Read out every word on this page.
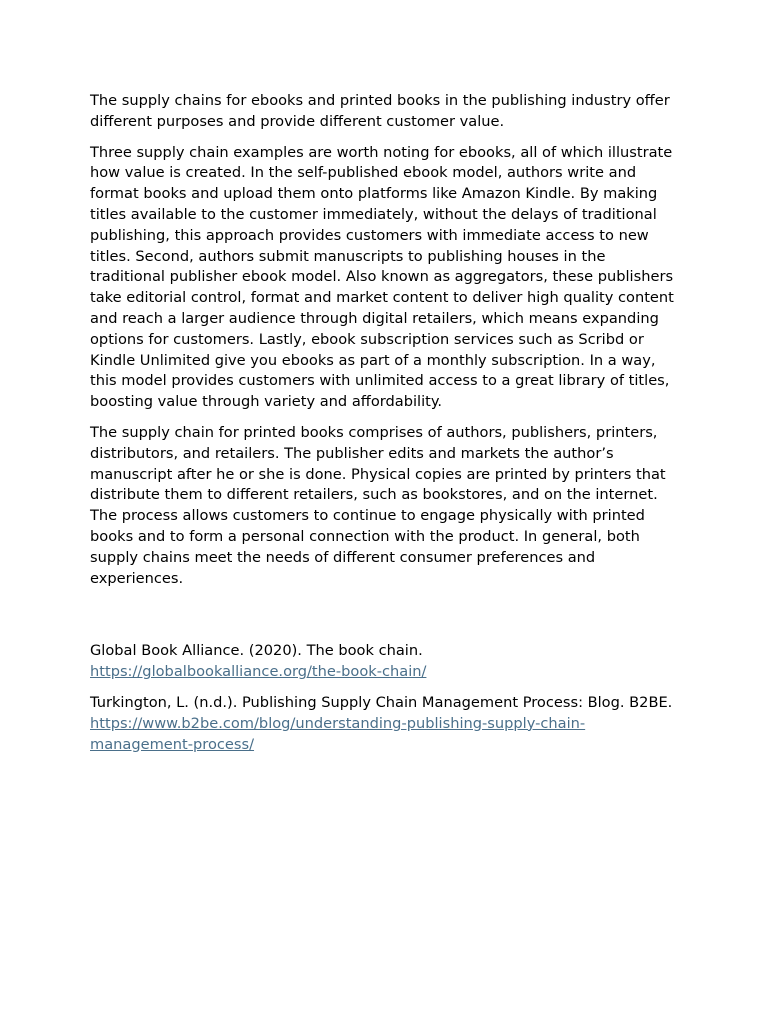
The supply chains for ebooks and printed books in the publishing industry offer different purposes and provide different customer value.

Three supply chain examples are worth noting for ebooks, all of which illustrate how value is created. In the self-published ebook model, authors write and format books and upload them onto platforms like Amazon Kindle. By making titles available to the customer immediately, without the delays of traditional publishing, this approach provides customers with immediate access to new titles. Second, authors submit manuscripts to publishing houses in the traditional publisher ebook model. Also known as aggregators, these publishers take editorial control, format and market content to deliver high quality content and reach a larger audience through digital retailers, which means expanding options for customers. Lastly, ebook subscription services such as Scribd or Kindle Unlimited give you ebooks as part of a monthly subscription. In a way, this model provides customers with unlimited access to a great library of titles, boosting value through variety and affordability.

The supply chain for printed books comprises of authors, publishers, printers, distributors, and retailers. The publisher edits and markets the author’s manuscript after he or she is done. Physical copies are printed by printers that distribute them to different retailers, such as bookstores, and on the internet. The process allows customers to continue to engage physically with printed books and to form a personal connection with the product. In general, both supply chains meet the needs of different consumer preferences and experiences.

Global Book Alliance. (2020). The book chain.
https://globalbookalliance.org/the-book-chain/
Turkington, L. (n.d.). Publishing Supply Chain Management Process: Blog. B2BE. https://www.b2be.com/blog/understanding-publishing-supply-chain-management-process/
